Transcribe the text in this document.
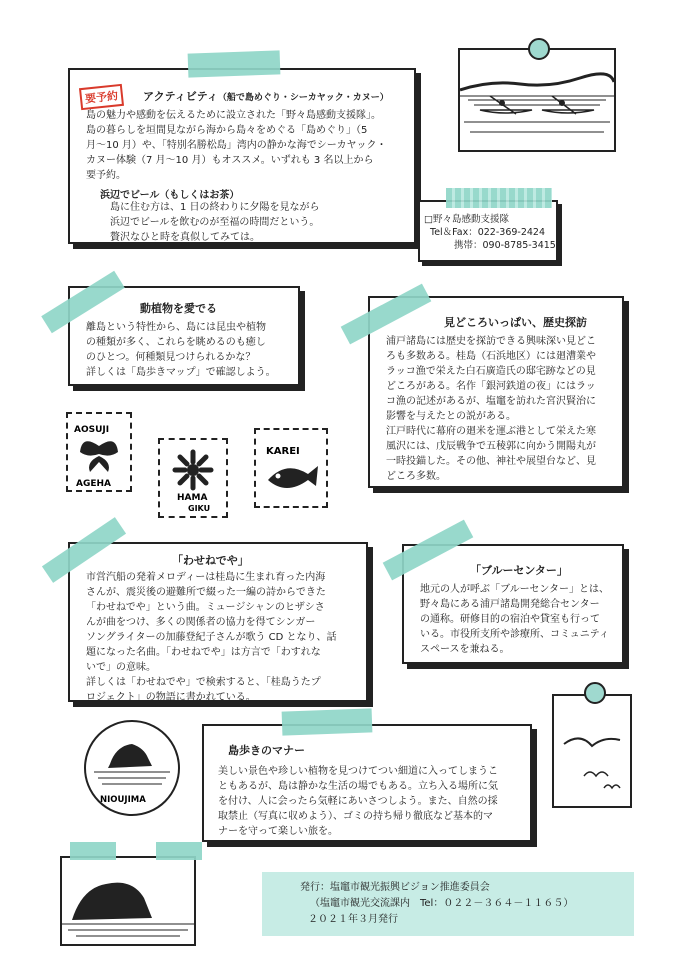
要予約	アクティビティ（船で島めぐり・シーカヤック・カヌー）
島の魅力や感動を伝えるために設立された「野々島感動支援隊」。
島の暮らしを垣間見ながら海から島々をめぐる「島めぐり」（5
月〜10 月）や、「特別名勝松島」湾内の静かな海でシーカヤック・
カヌー体験（7 月〜10 月）もオススメ。いずれも 3 名以上から
要予約。
浜辺でビール（もしくはお茶）
島に住む方は、1 日の終わりに夕陽を見ながら
浜辺でビールを飲むのが至福の時間だという。
贅沢なひと時を真似してみては。
□野々島感動支援隊
Tel＆Fax：022-369-2424
携帯：090-8785-3415
動植物を愛でる
離島という特性から、島には昆虫や植物
の種類が多く、これらを眺めるのも癒し
のひとつ。何種類見つけられるかな？
詳しくは「島歩きマップ」で確認しよう。
AOSUJI
AGEHA
HAMA
GIKU
KAREI
見どころいっぱい、歴史探訪
浦戸諸島には歴史を探訪できる興味深い見どこ
ろも多数ある。桂島（石浜地区）には廻漕業や
ラッコ漁で栄えた白石廣造氏の邸宅跡などの見
どころがある。名作「銀河鉄道の夜」にはラッ
コ漁の記述があるが、塩竈を訪れた宮沢賢治に
影響を与えたとの説がある。
江戸時代に幕府の廻米を運ぶ港として栄えた寒
風沢には、戊辰戦争で五稜郭に向かう開陽丸が
一時投錨した。その他、神社や展望台など、見
どころ多数。
「わせねでや」
市営汽船の発着メロディーは桂島に生まれ育った内海
さんが、震災後の避難所で綴った一編の詩からできた
「わせねでや」という曲。ミュージシャンのヒザシさ
んが曲をつけ、多くの関係者の協力を得てシンガー
ソングライターの加藤登紀子さんが歌う CD となり、話
題になった名曲。「わせねでや」は方言で「わすれな
いで」の意味。
詳しくは「わせねでや」で検索すると、「桂島うたプ
ロジェクト」の物語に書かれている。
「ブルーセンター」
地元の人が呼ぶ「ブルーセンター」とは、
野々島にある浦戸諸島開発総合センター
の通称。研修目的の宿泊や貸室も行って
いる。市役所支所や診療所、コミュニティ
スペースを兼ねる。
島歩きのマナー
美しい景色や珍しい植物を見つけてつい細道に入ってしまうこ
ともあるが、島は静かな生活の場でもある。立ち入る場所に気
を付け、人に会ったら気軽にあいさつしよう。また、自然の採
取禁止（写真に収めよう）、ゴミの持ち帰り徹底など基本的マ
ナーを守って楽しい旅を。
NIOUJIMA
発行：塩竈市観光振興ビジョン推進委員会
（塩竈市観光交流課内　Tel：０２２－３６４－１１６５）
２０２１年３月発行
